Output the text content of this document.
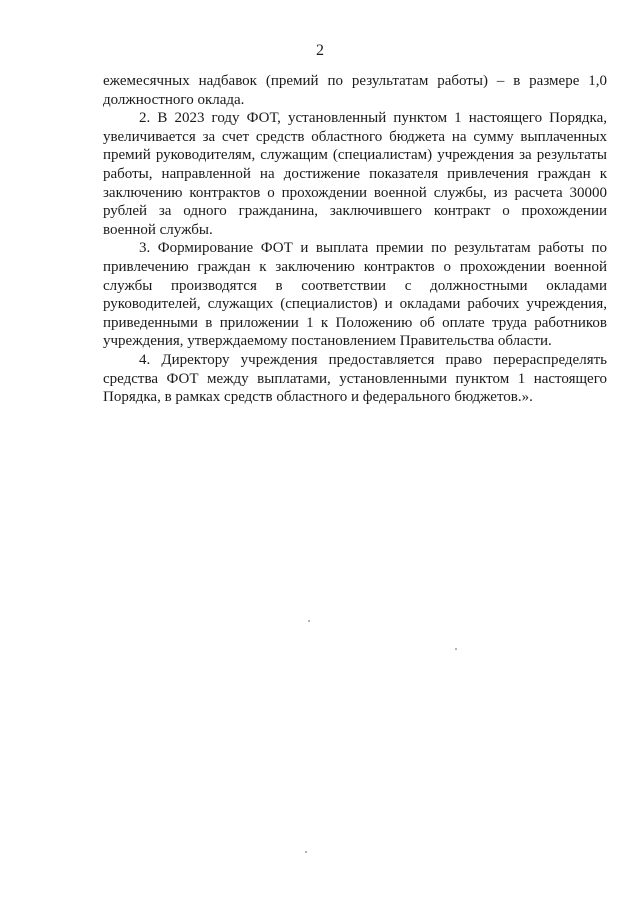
2

ежемесячных надбавок (премий по результатам работы) – в размере 1,0 должностного оклада.

2. В 2023 году ФОТ, установленный пунктом 1 настоящего Порядка, увеличивается за счет средств областного бюджета на сумму выплаченных премий руководителям, служащим (специалистам) учреждения за результаты работы, направленной на достижение показателя привлечения граждан к заключению контрактов о прохождении военной службы, из расчета 30000 рублей за одного гражданина, заключившего контракт о прохождении военной службы.

3. Формирование ФОТ и выплата премии по результатам работы по привлечению граждан к заключению контрактов о прохождении военной службы производятся в соответствии с должностными окладами руководителей, служащих (специалистов) и окладами рабочих учреждения, приведенными в приложении 1 к Положению об оплате труда работников учреждения, утверждаемому постановлением Правительства области.

4. Директору учреждения предоставляется право перераспределять средства ФОТ между выплатами, установленными пунктом 1 настоящего Порядка, в рамках средств областного и федерального бюджетов.».
